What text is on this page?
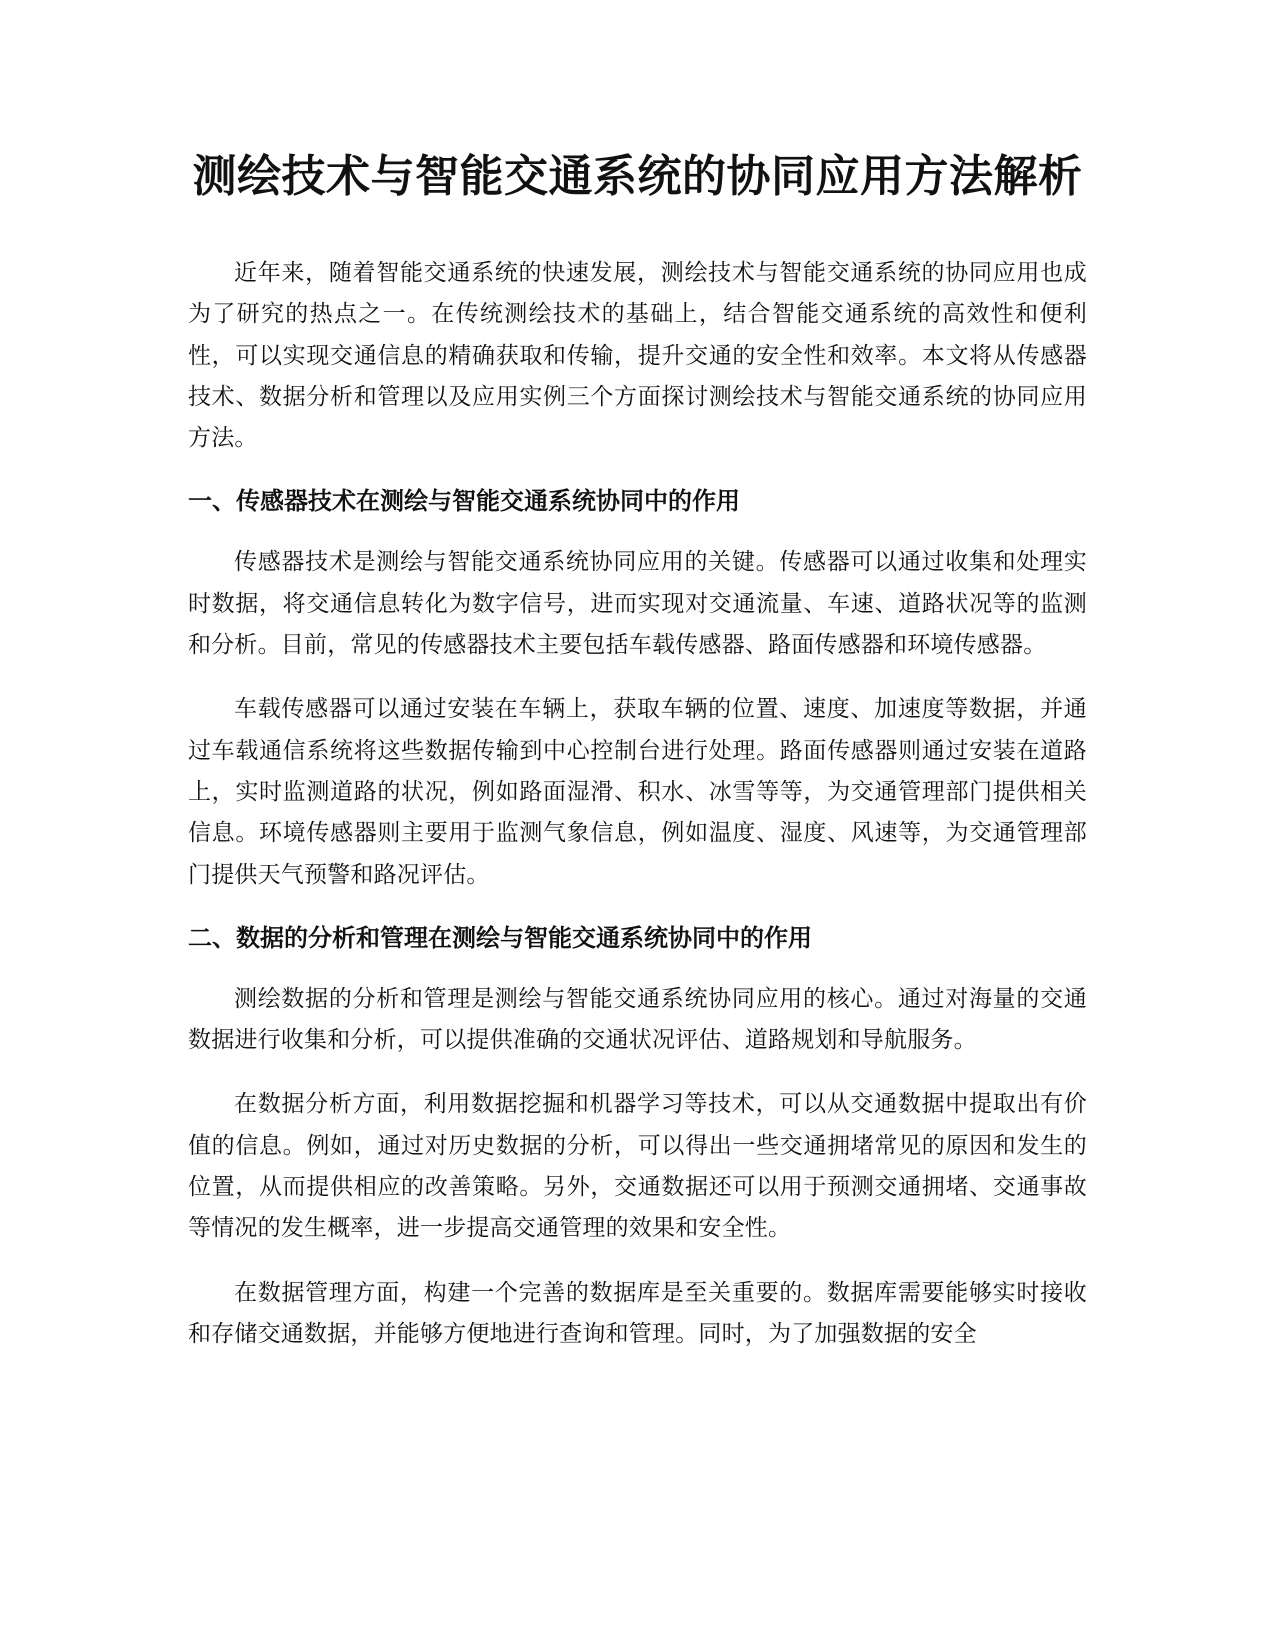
测绘技术与智能交通系统的协同应用方法解析

近年来，随着智能交通系统的快速发展，测绘技术与智能交通系统的协同应用也成为了研究的热点之一。在传统测绘技术的基础上，结合智能交通系统的高效性和便利性，可以实现交通信息的精确获取和传输，提升交通的安全性和效率。本文将从传感器技术、数据分析和管理以及应用实例三个方面探讨测绘技术与智能交通系统的协同应用方法。

一、传感器技术在测绘与智能交通系统协同中的作用

传感器技术是测绘与智能交通系统协同应用的关键。传感器可以通过收集和处理实时数据，将交通信息转化为数字信号，进而实现对交通流量、车速、道路状况等的监测和分析。目前，常见的传感器技术主要包括车载传感器、路面传感器和环境传感器。

车载传感器可以通过安装在车辆上，获取车辆的位置、速度、加速度等数据，并通过车载通信系统将这些数据传输到中心控制台进行处理。路面传感器则通过安装在道路上，实时监测道路的状况，例如路面湿滑、积水、冰雪等等，为交通管理部门提供相关信息。环境传感器则主要用于监测气象信息，例如温度、湿度、风速等，为交通管理部门提供天气预警和路况评估。

二、数据的分析和管理在测绘与智能交通系统协同中的作用

测绘数据的分析和管理是测绘与智能交通系统协同应用的核心。通过对海量的交通数据进行收集和分析，可以提供准确的交通状况评估、道路规划和导航服务。

在数据分析方面，利用数据挖掘和机器学习等技术，可以从交通数据中提取出有价值的信息。例如，通过对历史数据的分析，可以得出一些交通拥堵常见的原因和发生的位置，从而提供相应的改善策略。另外，交通数据还可以用于预测交通拥堵、交通事故等情况的发生概率，进一步提高交通管理的效果和安全性。

在数据管理方面，构建一个完善的数据库是至关重要的。数据库需要能够实时接收和存储交通数据，并能够方便地进行查询和管理。同时，为了加强数据的安全
